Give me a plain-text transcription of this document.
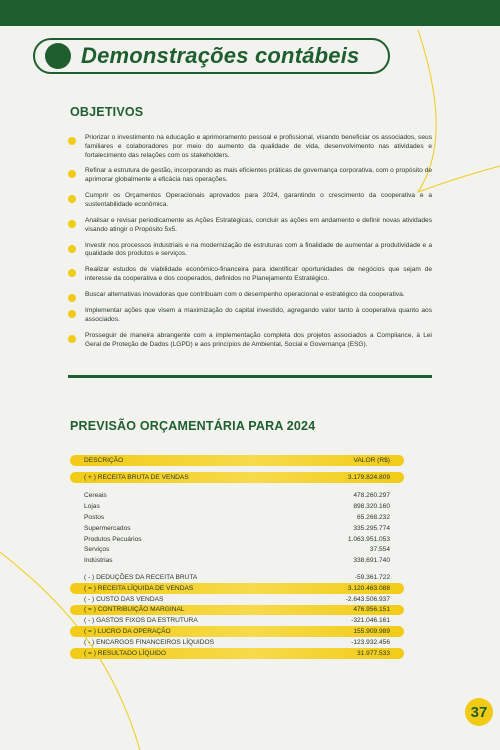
Demonstrações contábeis
OBJETIVOS
Priorizar o investimento na educação e aprimoramento pessoal e profissional, visando beneficiar os associados, seus familiares e colaboradores por meio do aumento da qualidade de vida, desenvolvimento nas atividades e fortalecimento das relações com os stakeholders.
Refinar a estrutura de gestão, incorporando as mais eficientes práticas de governança corporativa, com o propósito de aprimorar globalmente a eficácia nas operações.
Cumprir os Orçamentos Operacionais aprovados para 2024, garantindo o crescimento da cooperativa e a sustentabilidade econômica.
Analisar e revisar periodicamente as Ações Estratégicas, concluir as ações em andamento e definir novas atividades visando atingir o Propósito 5x5.
Investir nos processos industriais e na modernização de estruturas com a finalidade de aumentar a produtividade e a qualidade dos produtos e serviços.
Realizar estudos de viabilidade econômico-financeira para identificar oportunidades de negócios que sejam de interesse da cooperativa e dos cooperados, definidos no Planejamento Estratégico.
Buscar alternativas inovadoras que contribuam com o desempenho operacional e estratégico da cooperativa.
Implementar ações que visem a maximização do capital investido, agregando valor tanto à cooperativa quanto aos associados.
Prosseguir de maneira abrangente com a implementação completa dos projetos associados a Compliance, à Lei Geral de Proteção de Dados (LGPD) e aos princípios de Ambiental, Social e Governança (ESG).
PREVISÃO ORÇAMENTÁRIA PARA 2024
DESCRIÇÃO	VALOR (R$)
( + ) RECEITA BRUTA DE VENDAS	3.179.824.809
Cereais	478.260.297
Lojas	898.320.160
Postos	65.268.232
Supermercados	335.295.774
Produtos Pecuários	1.063.951.053
Serviços	37.554
Indústrias	338.691.740
( - ) DEDUÇÕES DA RECEITA BRUTA	-59.361.722
( = ) RECEITA LÍQUIDA DE VENDAS	3.120.463.088
( - ) CUSTO DAS VENDAS	-2.643.506.937
( = ) CONTRIBUIÇÃO MARGINAL	476.956.151
( - ) GASTOS FIXOS DA ESTRUTURA	-321.046.161
( = ) LUCRO DA OPERAÇÃO	155.909.989
( - ) ENCARGOS FINANCEIROS LÍQUIDOS	-123.932.456
( = ) RESULTADO LÍQUIDO	31.977.533
37
